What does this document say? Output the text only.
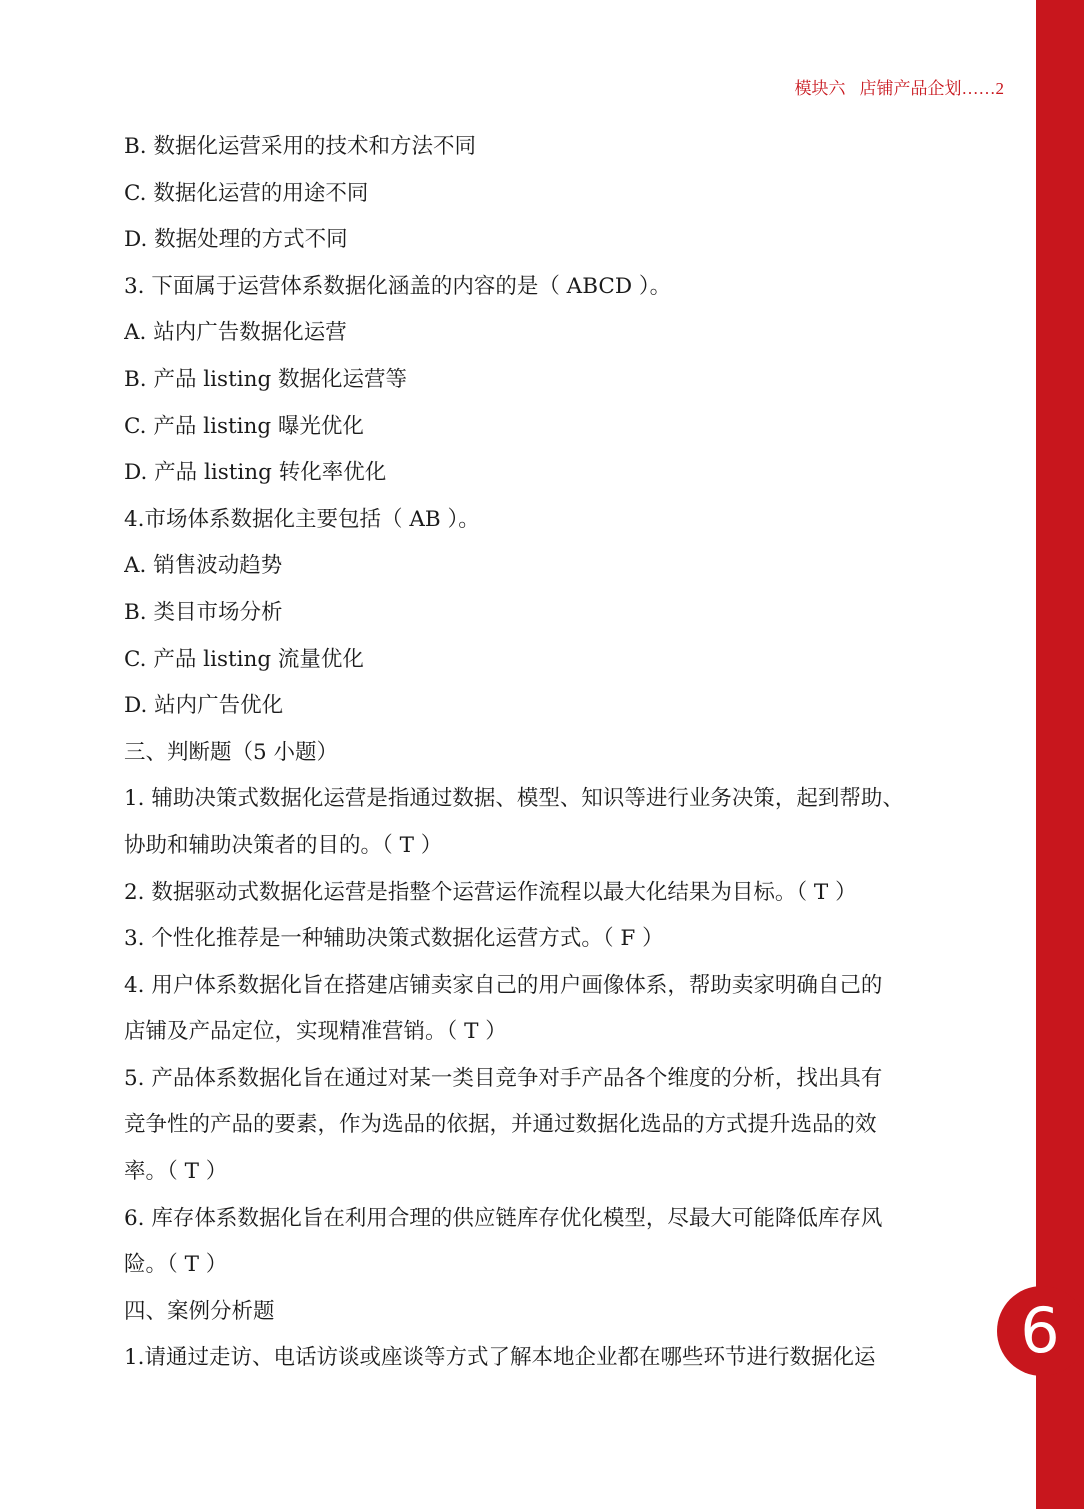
6
模块六 店铺产品企划……2
B. 数据化运营采用的技术和方法不同
C. 数据化运营的用途不同
D. 数据处理的方式不同
3. 下面属于运营体系数据化涵盖的内容的是（ ABCD ）。
A. 站内广告数据化运营
B. 产品 listing 数据化运营等
C. 产品 listing 曝光优化
D. 产品 listing 转化率优化
4.市场体系数据化主要包括（ AB ）。
A. 销售波动趋势
B. 类目市场分析
C. 产品 listing 流量优化
D. 站内广告优化
三、判断题（5 小题）
1. 辅助决策式数据化运营是指通过数据、模型、知识等进行业务决策，起到帮助、
协助和辅助决策者的目的。（ T ）
2. 数据驱动式数据化运营是指整个运营运作流程以最大化结果为目标。（ T ）
3. 个性化推荐是一种辅助决策式数据化运营方式。（ F ）
4. 用户体系数据化旨在搭建店铺卖家自己的用户画像体系，帮助卖家明确自己的
店铺及产品定位，实现精准营销。（ T ）
5. 产品体系数据化旨在通过对某一类目竞争对手产品各个维度的分析，找出具有
竞争性的产品的要素，作为选品的依据，并通过数据化选品的方式提升选品的效
率。（ T ）
6. 库存体系数据化旨在利用合理的供应链库存优化模型，尽最大可能降低库存风
险。（ T ）
四、案例分析题
1.请通过走访、电话访谈或座谈等方式了解本地企业都在哪些环节进行数据化运
